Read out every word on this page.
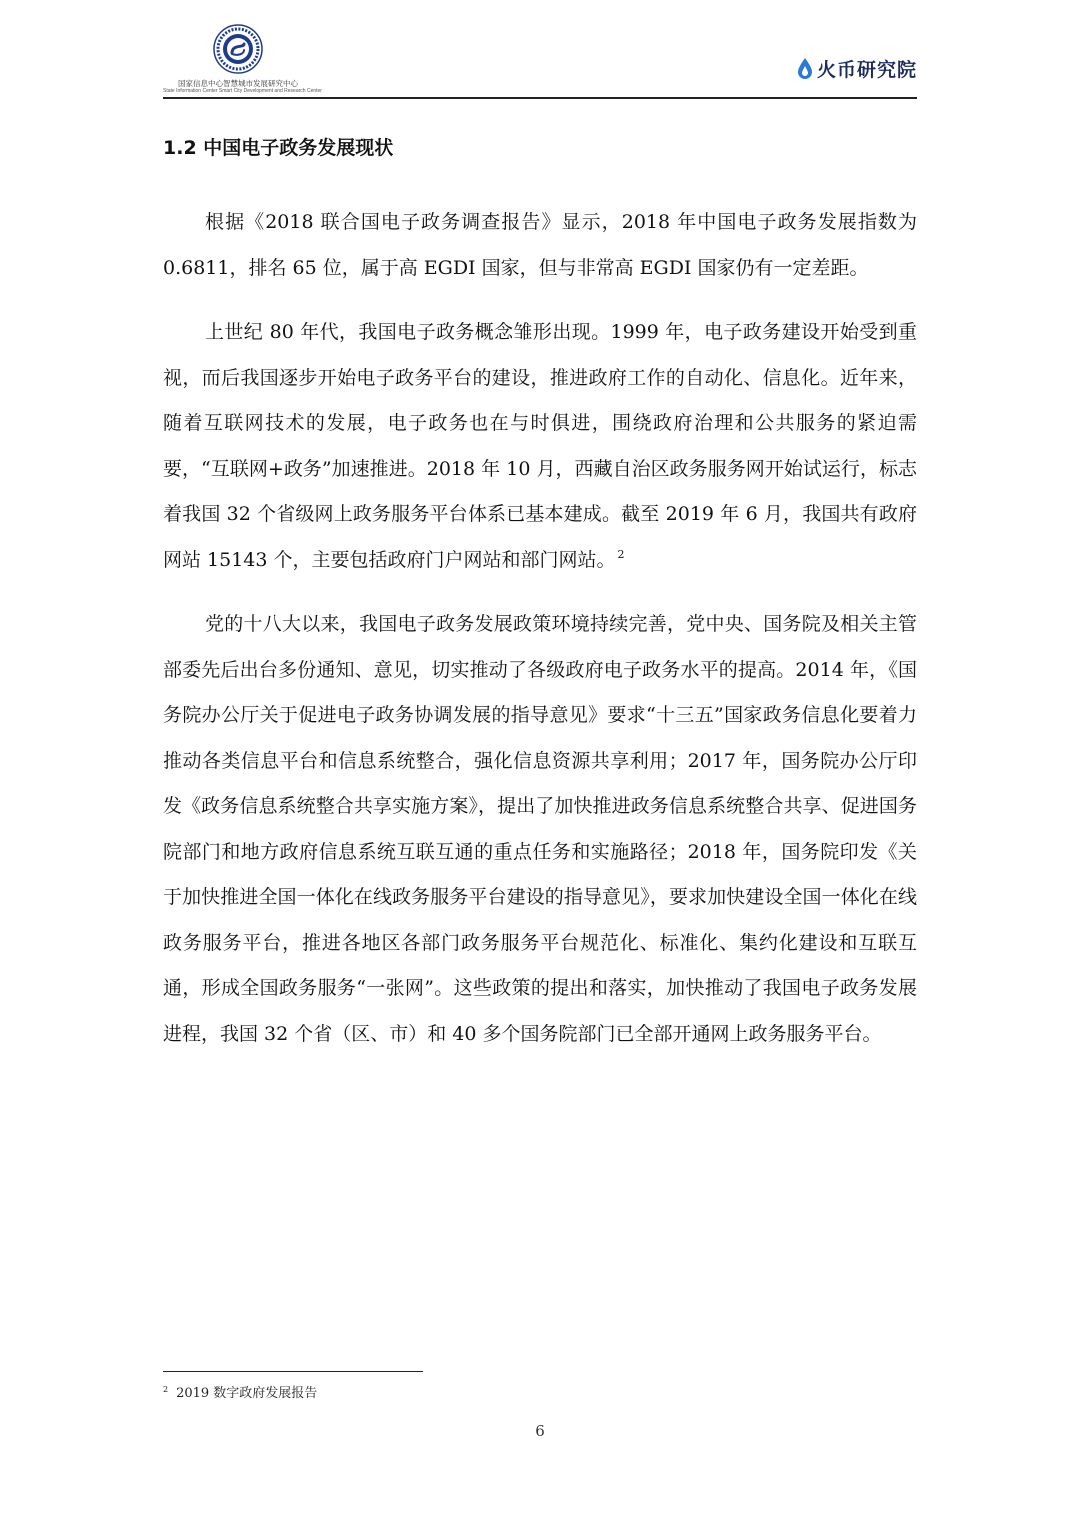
国家信息中心智慧城市发展研究中心
State Information Center Smart City Development and Research Center
火币研究院
1.2 中国电子政务发展现状

根据《2018 联合国电子政务调查报告》显示，2018 年中国电子政务发展指数为 0.6811，排名 65 位，属于高 EGDI 国家，但与非常高 EGDI 国家仍有一定差距。

上世纪 80 年代，我国电子政务概念雏形出现。1999 年，电子政务建设开始受到重视，而后我国逐步开始电子政务平台的建设，推进政府工作的自动化、信息化。近年来，随着互联网技术的发展，电子政务也在与时俱进，围绕政府治理和公共服务的紧迫需要，“互联网+政务”加速推进。2018 年 10 月，西藏自治区政务服务网开始试运行，标志着我国 32 个省级网上政务服务平台体系已基本建成。截至 2019 年 6 月，我国共有政府网站 15143 个，主要包括政府门户网站和部门网站。 $^2$

党的十八大以来，我国电子政务发展政策环境持续完善，党中央、国务院及相关主管部委先后出台多份通知、意见，切实推动了各级政府电子政务水平的提高。2014 年，《国务院办公厅关于促进电子政务协调发展的指导意见》要求“十三五”国家政务信息化要着力推动各类信息平台和信息系统整合，强化信息资源共享利用；2017 年，国务院办公厅印发《政务信息系统整合共享实施方案》，提出了加快推进政务信息系统整合共享、促进国务院部门和地方政府信息系统互联互通的重点任务和实施路径；2018 年，国务院印发《关于加快推进全国一体化在线政务服务平台建设的指导意见》，要求加快建设全国一体化在线政务服务平台，推进各地区各部门政务服务平台规范化、标准化、集约化建设和互联互通，形成全国政务服务“一张网”。这些政策的提出和落实，加快推动了我国电子政务发展进程，我国 32 个省（区、市）和 40 多个国务院部门已全部开通网上政务服务平台。

$^2$ 2019 数字政府发展报告
6
